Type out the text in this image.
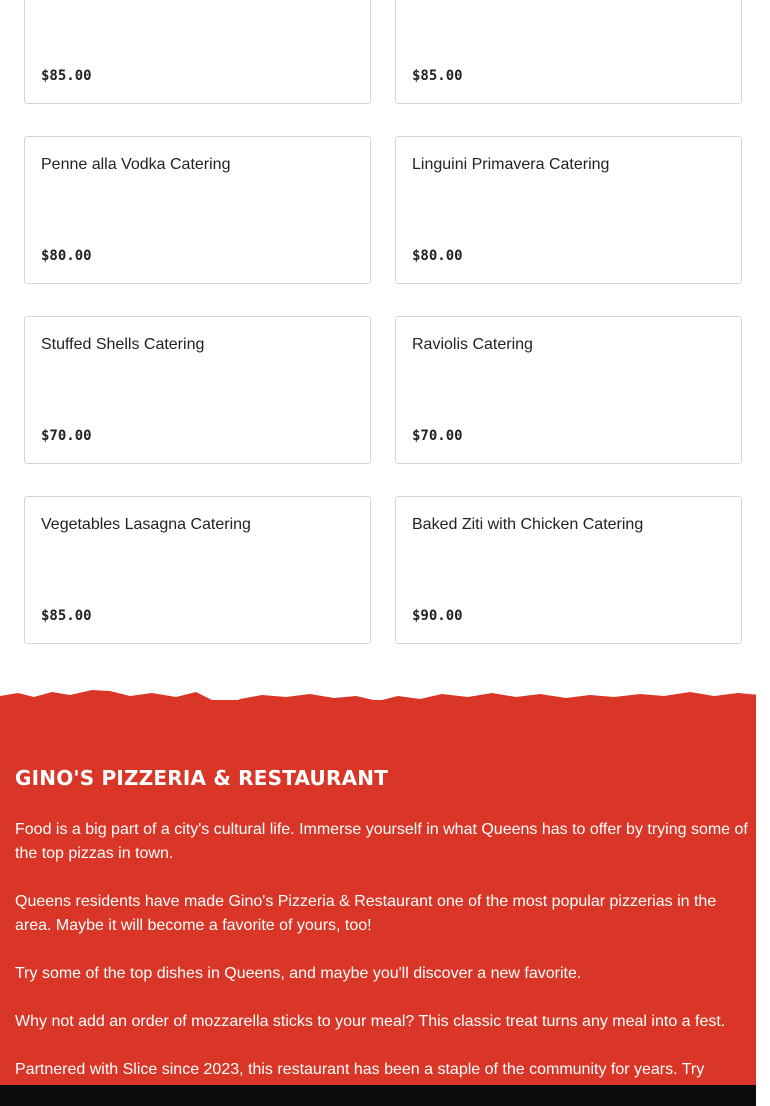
$85.00	$85.00
Penne alla Vodka Catering
$80.00
Linguini Primavera Catering
$80.00
Stuffed Shells Catering
$70.00
Raviolis Catering
$70.00
Vegetables Lasagna Catering
$85.00
Baked Ziti with Chicken Catering
$90.00
GINO'S PIZZERIA & RESTAURANT

Food is a big part of a city's cultural life. Immerse yourself in what Queens has to offer by trying some of the top pizzas in town.

Queens residents have made Gino's Pizzeria & Restaurant one of the most popular pizzerias in the area. Maybe it will become a favorite of yours, too!

Try some of the top dishes in Queens, and maybe you'll discover a new favorite.

Why not add an order of mozzarella sticks to your meal? This classic treat turns any meal into a fest.

Partnered with Slice since 2023, this restaurant has been a staple of the community for years. Try
